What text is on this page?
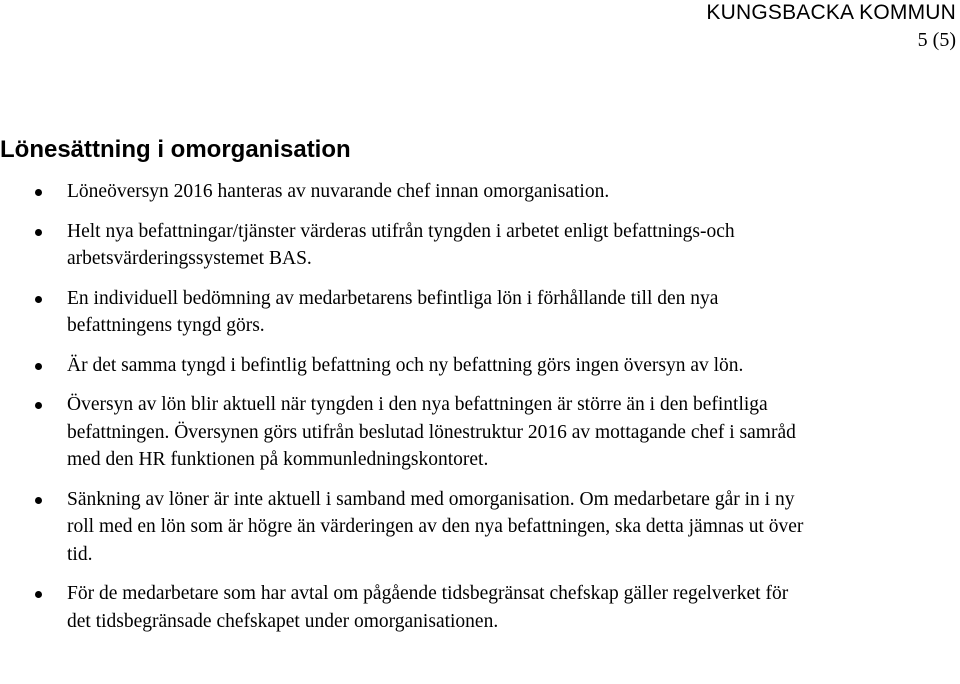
KUNGSBACKA KOMMUN
5 (5)
Lönesättning i omorganisation
Löneöversyn 2016 hanteras av nuvarande chef innan omorganisation.
Helt nya befattningar/tjänster värderas utifrån tyngden i arbetet enligt befattnings-och arbetsvärderingssystemet BAS.
En individuell bedömning av medarbetarens befintliga lön i förhållande till den nya befattningens tyngd görs.
Är det samma tyngd i befintlig befattning och ny befattning görs ingen översyn av lön.
Översyn av lön blir aktuell när tyngden i den nya befattningen är större än i den befintliga befattningen. Översynen görs utifrån beslutad lönestruktur 2016 av mottagande chef i samråd med den HR funktionen på kommunledningskontoret.
Sänkning av löner är inte aktuell i samband med omorganisation. Om medarbetare går in i ny roll med en lön som är högre än värderingen av den nya befattningen, ska detta jämnas ut över tid.
För de medarbetare som har avtal om pågående tidsbegränsat chefskap gäller regelverket för det tidsbegränsade chefskapet under omorganisationen.
